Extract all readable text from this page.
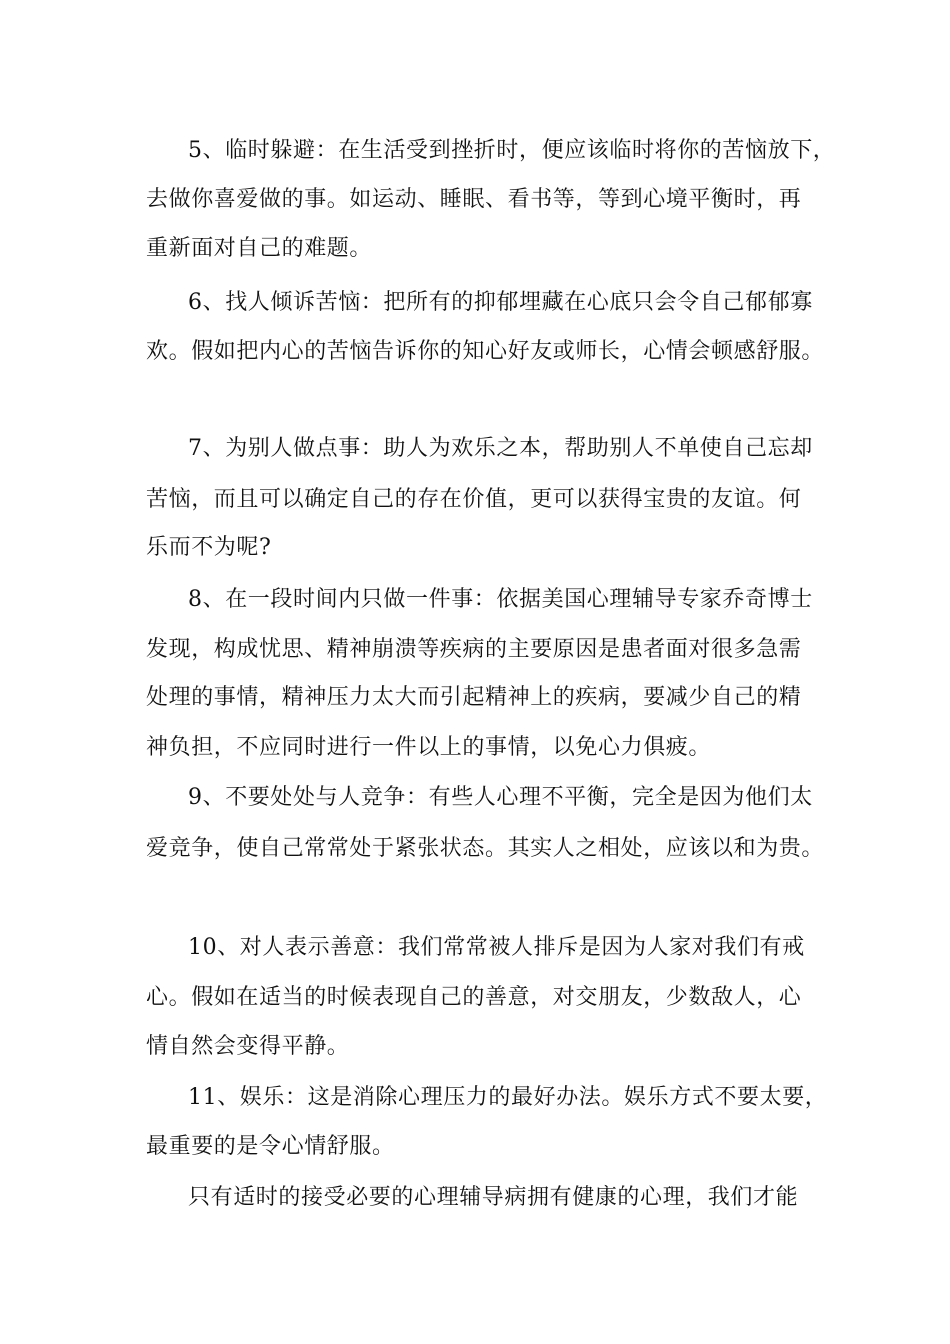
5、临时躲避：在生活受到挫折时，便应该临时将你的苦恼放下，
去做你喜爱做的事。如运动、睡眠、看书等，等到心境平衡时，再
重新面对自己的难题。
6、找人倾诉苦恼：把所有的抑郁埋藏在心底只会令自己郁郁寡
欢。假如把内心的苦恼告诉你的知心好友或师长，心情会顿感舒服。
7、为别人做点事：助人为欢乐之本，帮助别人不单使自己忘却
苦恼，而且可以确定自己的存在价值，更可以获得宝贵的友谊。何
乐而不为呢?
8、在一段时间内只做一件事：依据美国心理辅导专家乔奇博士
发现，构成忧思、精神崩溃等疾病的主要原因是患者面对很多急需
处理的事情，精神压力太大而引起精神上的疾病，要减少自己的精
神负担，不应同时进行一件以上的事情，以免心力俱疲。
9、不要处处与人竞争：有些人心理不平衡，完全是因为他们太
爱竞争，使自己常常处于紧张状态。其实人之相处，应该以和为贵。
10、对人表示善意：我们常常被人排斥是因为人家对我们有戒
心。假如在适当的时候表现自己的善意，对交朋友，少数敌人，心
情自然会变得平静。
11、娱乐：这是消除心理压力的最好办法。娱乐方式不要太要，
最重要的是令心情舒服。
只有适时的接受必要的心理辅导病拥有健康的心理，我们才能
